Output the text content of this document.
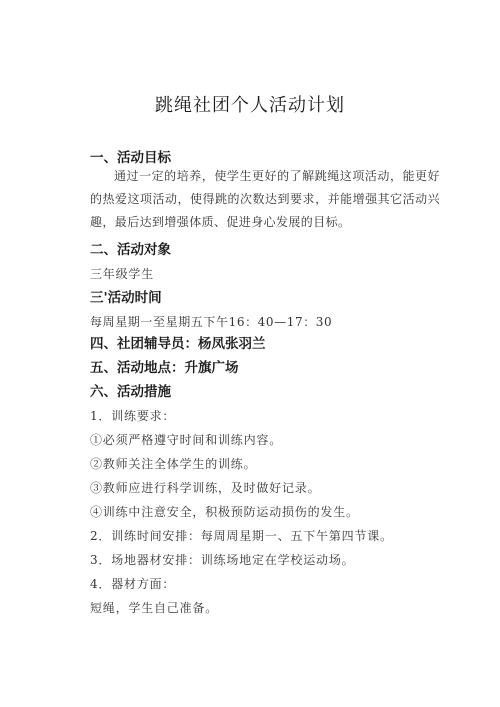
跳绳社团个人活动计划
一、活动目标
通过一定的培养，使学生更好的了解跳绳这项活动，能更好的热爱这项活动，使得跳的次数达到要求，并能增强其它活动兴趣，最后达到增强体质、促进身心发展的目标。
二、活动对象
三年级学生
三'活动时间
每周星期一至星期五下午16：40—17：30
四、社团辅导员：杨凤张羽兰
五、活动地点：升旗广场
六、活动措施
1．训练要求：
①必须严格遵守时间和训练内容。
②教师关注全体学生的训练。
③教师应进行科学训练，及时做好记录。
④训练中注意安全，积极预防运动损伤的发生。
2．训练时间安排：每周周星期一、五下午第四节课。
3．场地器材安排：训练场地定在学校运动场。
4．器材方面：
短绳，学生自己准备。
